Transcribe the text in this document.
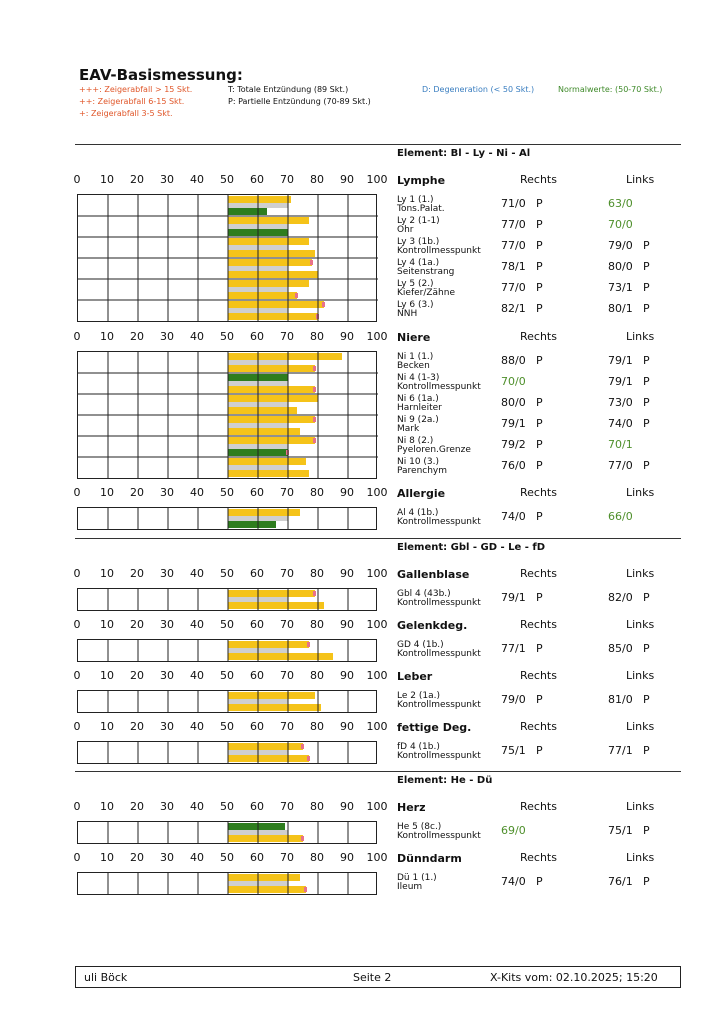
EAV-Basismessung:
+++: Zeigerabfall > 15 Skt.
++: Zeigerabfall 6-15 Skt.
+: Zeigerabfall 3-5 Skt.
T: Totale Entzündung (89 Skt.)
P: Partielle Entzündung (70-89 Skt.)
D: Degeneration (< 50 Skt.)	Normalwerte: (50-70 Skt.)
Element: Bl - Ly - Ni - Al
0 10 20 30 40 50 60 70 80 90 100 Lymphe	Rechts	Links
Ly 1 (1.)
Tons.Palat.	71/0 P	63/0
Ly 2 (1-1)
Ohr	77/0 P	70/0
Ly 3 (1b.)
Kontrollmesspunkt 77/0 P	79/0 P
Ly 4 (1a.)
Seitenstrang	78/1 P	80/0 P
Ly 5 (2.)
Kiefer/Zähne	77/0 P	73/1 P
Ly 6 (3.)
NNH	82/1 P	80/1 P
0 10 20 30 40 50 60 70 80 90 100 Niere	Rechts	Links
Ni 1 (1.)
Becken	88/0 P	79/1 P
Ni 4 (1-3)
Kontrollmesspunkt 70/0	79/1 P
Ni 6 (1a.)
Harnleiter	80/0 P	73/0 P
Ni 9 (2a.)
Mark	79/1 P	74/0 P
Ni 8 (2.)
Pyeloren.Grenze	79/2 P	70/1
Ni 10 (3.)
Parenchym	76/0 P	77/0 P
0 10 20 30 40 50 60 70 80 90 100 Allergie	Rechts	Links
Al 4 (1b.)
Kontrollmesspunkt 74/0 P	66/0
Element: Gbl - GD - Le - fD
0 10 20 30 40 50 60 70 80 90 100 Gallenblase	Rechts	Links
Gbl 4 (43b.)
Kontrollmesspunkt 79/1 P	82/0 P
0 10 20 30 40 50 60 70 80 90 100 Gelenkdeg.	Rechts	Links
GD 4 (1b.)
Kontrollmesspunkt 77/1 P	85/0 P
0 10 20 30 40 50 60 70 80 90 100 Leber	Rechts	Links
Le 2 (1a.)
Kontrollmesspunkt 79/0 P	81/0 P
0 10 20 30 40 50 60 70 80 90 100 fettige Deg.	Rechts	Links
fD 4 (1b.)
Kontrollmesspunkt 75/1 P	77/1 P
Element: He - Dü
0 10 20 30 40 50 60 70 80 90 100 Herz	Rechts	Links
He 5 (8c.)
Kontrollmesspunkt 69/0	75/1 P
0 10 20 30 40 50 60 70 80 90 100 Dünndarm	Rechts	Links
Dü 1 (1.)
Ileum	74/0 P	76/1 P
uli Böck	Seite 2	X-Kits vom: 02.10.2025; 15:20
